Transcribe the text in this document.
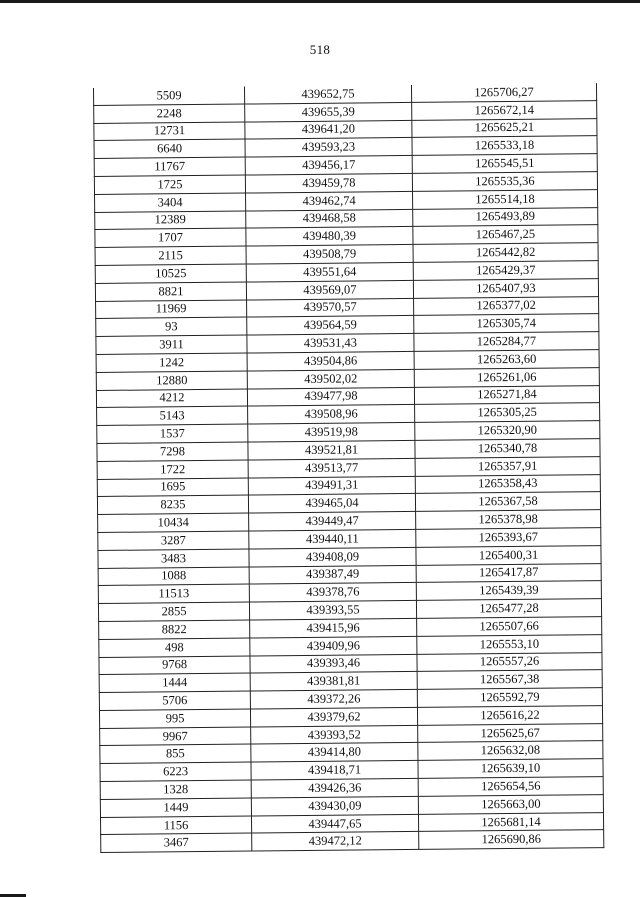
518
5509	439652,75	1265706,27
2248	439655,39	1265672,14
12731	439641,20	1265625,21
6640	439593,23	1265533,18
11767	439456,17	1265545,51
1725	439459,78	1265535,36
3404	439462,74	1265514,18
12389	439468,58	1265493,89
1707	439480,39	1265467,25
2115	439508,79	1265442,82
10525	439551,64	1265429,37
8821	439569,07	1265407,93
11969	439570,57	1265377,02
93	439564,59	1265305,74
3911	439531,43	1265284,77
1242	439504,86	1265263,60
12880	439502,02	1265261,06
4212	439477,98	1265271,84
5143	439508,96	1265305,25
1537	439519,98	1265320,90
7298	439521,81	1265340,78
1722	439513,77	1265357,91
1695	439491,31	1265358,43
8235	439465,04	1265367,58
10434	439449,47	1265378,98
3287	439440,11	1265393,67
3483	439408,09	1265400,31
1088	439387,49	1265417,87
11513	439378,76	1265439,39
2855	439393,55	1265477,28
8822	439415,96	1265507,66
498	439409,96	1265553,10
9768	439393,46	1265557,26
1444	439381,81	1265567,38
5706	439372,26	1265592,79
995	439379,62	1265616,22
9967	439393,52	1265625,67
855	439414,80	1265632,08
6223	439418,71	1265639,10
1328	439426,36	1265654,56
1449	439430,09	1265663,00
1156	439447,65	1265681,14
3467	439472,12	1265690,86
